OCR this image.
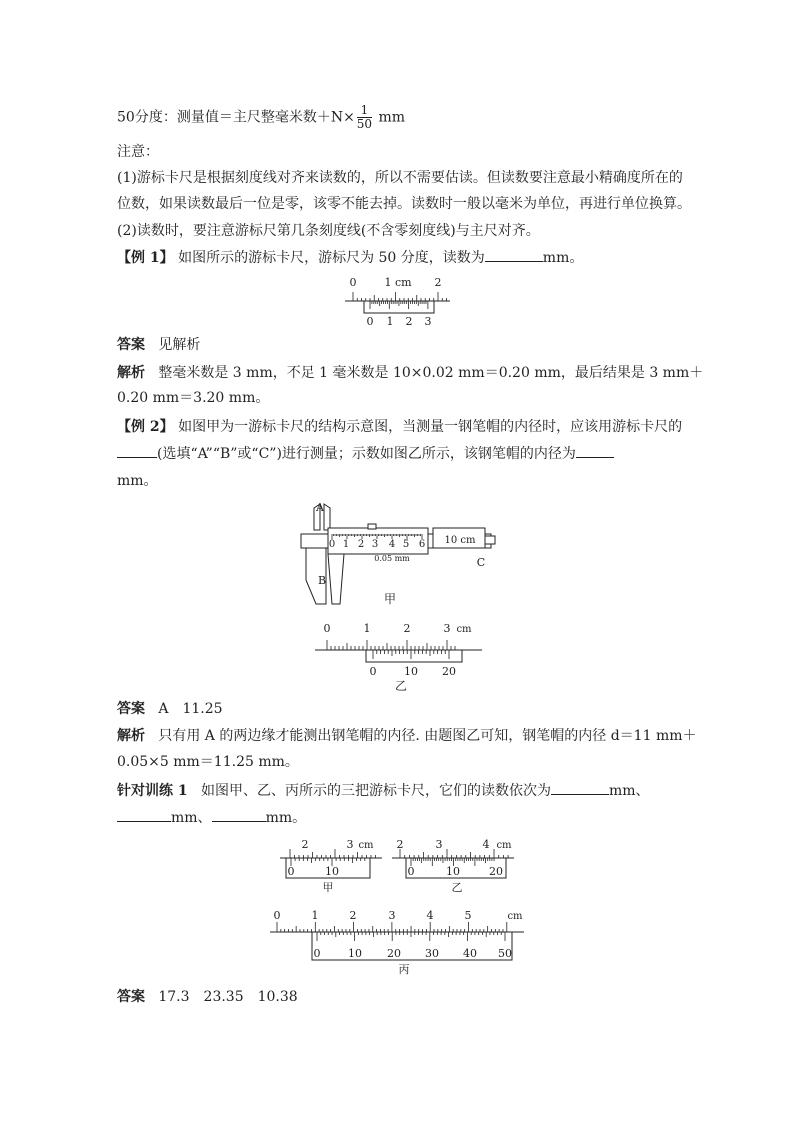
50分度：测量值＝主尺整毫米数$+N\times \frac{1}{50}$ mm
注意：
(1)游标卡尺是根据刻度线对齐来读数的，所以不需要估读。但读数要注意最小精确度所在的
位数，如果读数最后一位是零，该零不能去掉。读数时一般以毫米为单位，再进行单位换算。
(2)读数时，要注意游标尺第几条刻度线(不含零刻度线)与主尺对齐。
【例 1】 如图所示的游标卡尺，游标尺为 50 分度，读数为	mm。
0	1 cm 2
0 1 2 3
答案 见解析
解析 整毫米数是 3 mm，不足 1 毫米数是 10×0.02 mm＝0.20 mm，最后结果是 3 mm＋
0.20 mm＝3.20 mm。
【例 2】 如图甲为一游标卡尺的结构示意图，当测量一钢笔帽的内径时，应该用游标卡尺的
(选填“A”“B”或“C”)进行测量；示数如图乙所示，该钢笔帽的内径为
mm。
A
B
C
0 1 2 3 4 5 6
0.05 mm
10 cm
甲
0	1	2	3 cm
0	10 20
乙
答案 A　11.25
解析 只有用 A 的两边缘才能测出钢笔帽的内径. 由题图乙可知，钢笔帽的内径 d＝11 mm＋
0.05×5 mm＝11.25 mm。
针对训练 1 如图甲、乙、丙所示的三把游标卡尺，它们的读数依次为	mm、
mm、	mm。
2	3 cm
0	10
甲
2	3	4 cm
0	10	20
乙
0	1	2	3	4	5	cm
0	10 20 30 40 50
丙
答案 17.3　23.35　10.38
